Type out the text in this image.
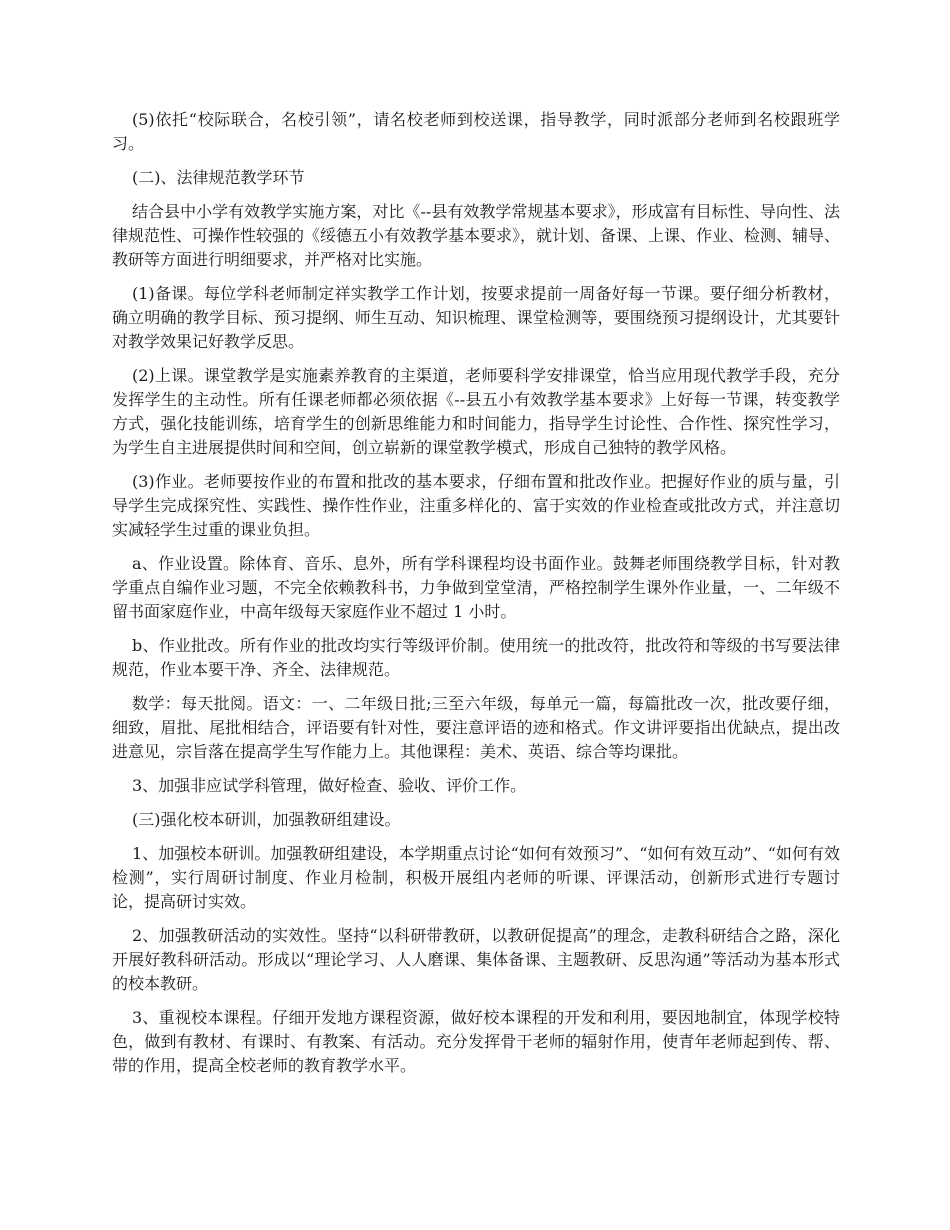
(5)依托“校际联合，名校引领”，请名校老师到校送课，指导教学，同时派部分老师到名校跟班学习。

(二)、法律规范教学环节

结合县中小学有效教学实施方案，对比《--县有效教学常规基本要求》，形成富有目标性、导向性、法律规范性、可操作性较强的《绥德五小有效教学基本要求》，就计划、备课、上课、作业、检测、辅导、教研等方面进行明细要求，并严格对比实施。

(1)备课。每位学科老师制定祥实教学工作计划，按要求提前一周备好每一节课。要仔细分析教材，确立明确的教学目标、预习提纲、师生互动、知识梳理、课堂检测等，要围绕预习提纲设计，尤其要针对教学效果记好教学反思。

(2)上课。课堂教学是实施素养教育的主渠道，老师要科学安排课堂，恰当应用现代教学手段，充分发挥学生的主动性。所有任课老师都必须依据《--县五小有效教学基本要求》上好每一节课，转变教学方式，强化技能训练，培育学生的创新思维能力和时间能力，指导学生讨论性、合作性、探究性学习，为学生自主进展提供时间和空间，创立崭新的课堂教学模式，形成自己独特的教学风格。

(3)作业。老师要按作业的布置和批改的基本要求，仔细布置和批改作业。把握好作业的质与量，引导学生完成探究性、实践性、操作性作业，注重多样化的、富于实效的作业检查或批改方式，并注意切实减轻学生过重的课业负担。

a、作业设置。除体育、音乐、息外，所有学科课程均设书面作业。鼓舞老师围绕教学目标，针对教学重点自编作业习题，不完全依赖教科书，力争做到堂堂清，严格控制学生课外作业量，一、二年级不留书面家庭作业，中高年级每天家庭作业不超过 1 小时。

b、作业批改。所有作业的批改均实行等级评价制。使用统一的批改符，批改符和等级的书写要法律规范，作业本要干净、齐全、法律规范。

数学：每天批阅。语文：一、二年级日批;三至六年级，每单元一篇，每篇批改一次，批改要仔细，细致，眉批、尾批相结合，评语要有针对性，要注意评语的迹和格式。作文讲评要指出优缺点，提出改进意见，宗旨落在提高学生写作能力上。其他课程：美术、英语、综合等均课批。

3、加强非应试学科管理，做好检查、验收、评价工作。

(三)强化校本研训，加强教研组建设。

1、加强校本研训。加强教研组建设，本学期重点讨论“如何有效预习”、“如何有效互动”、“如何有效检测”，实行周研讨制度、作业月检制，积极开展组内老师的听课、评课活动，创新形式进行专题讨论，提高研讨实效。

2、加强教研活动的实效性。坚持“以科研带教研，以教研促提高”的理念，走教科研结合之路，深化开展好教科研活动。形成以“理论学习、人人磨课、集体备课、主题教研、反思沟通”等活动为基本形式的校本教研。

3、重视校本课程。仔细开发地方课程资源，做好校本课程的开发和利用，要因地制宜，体现学校特色，做到有教材、有课时、有教案、有活动。充分发挥骨干老师的辐射作用，使青年老师起到传、帮、带的作用，提高全校老师的教育教学水平。
